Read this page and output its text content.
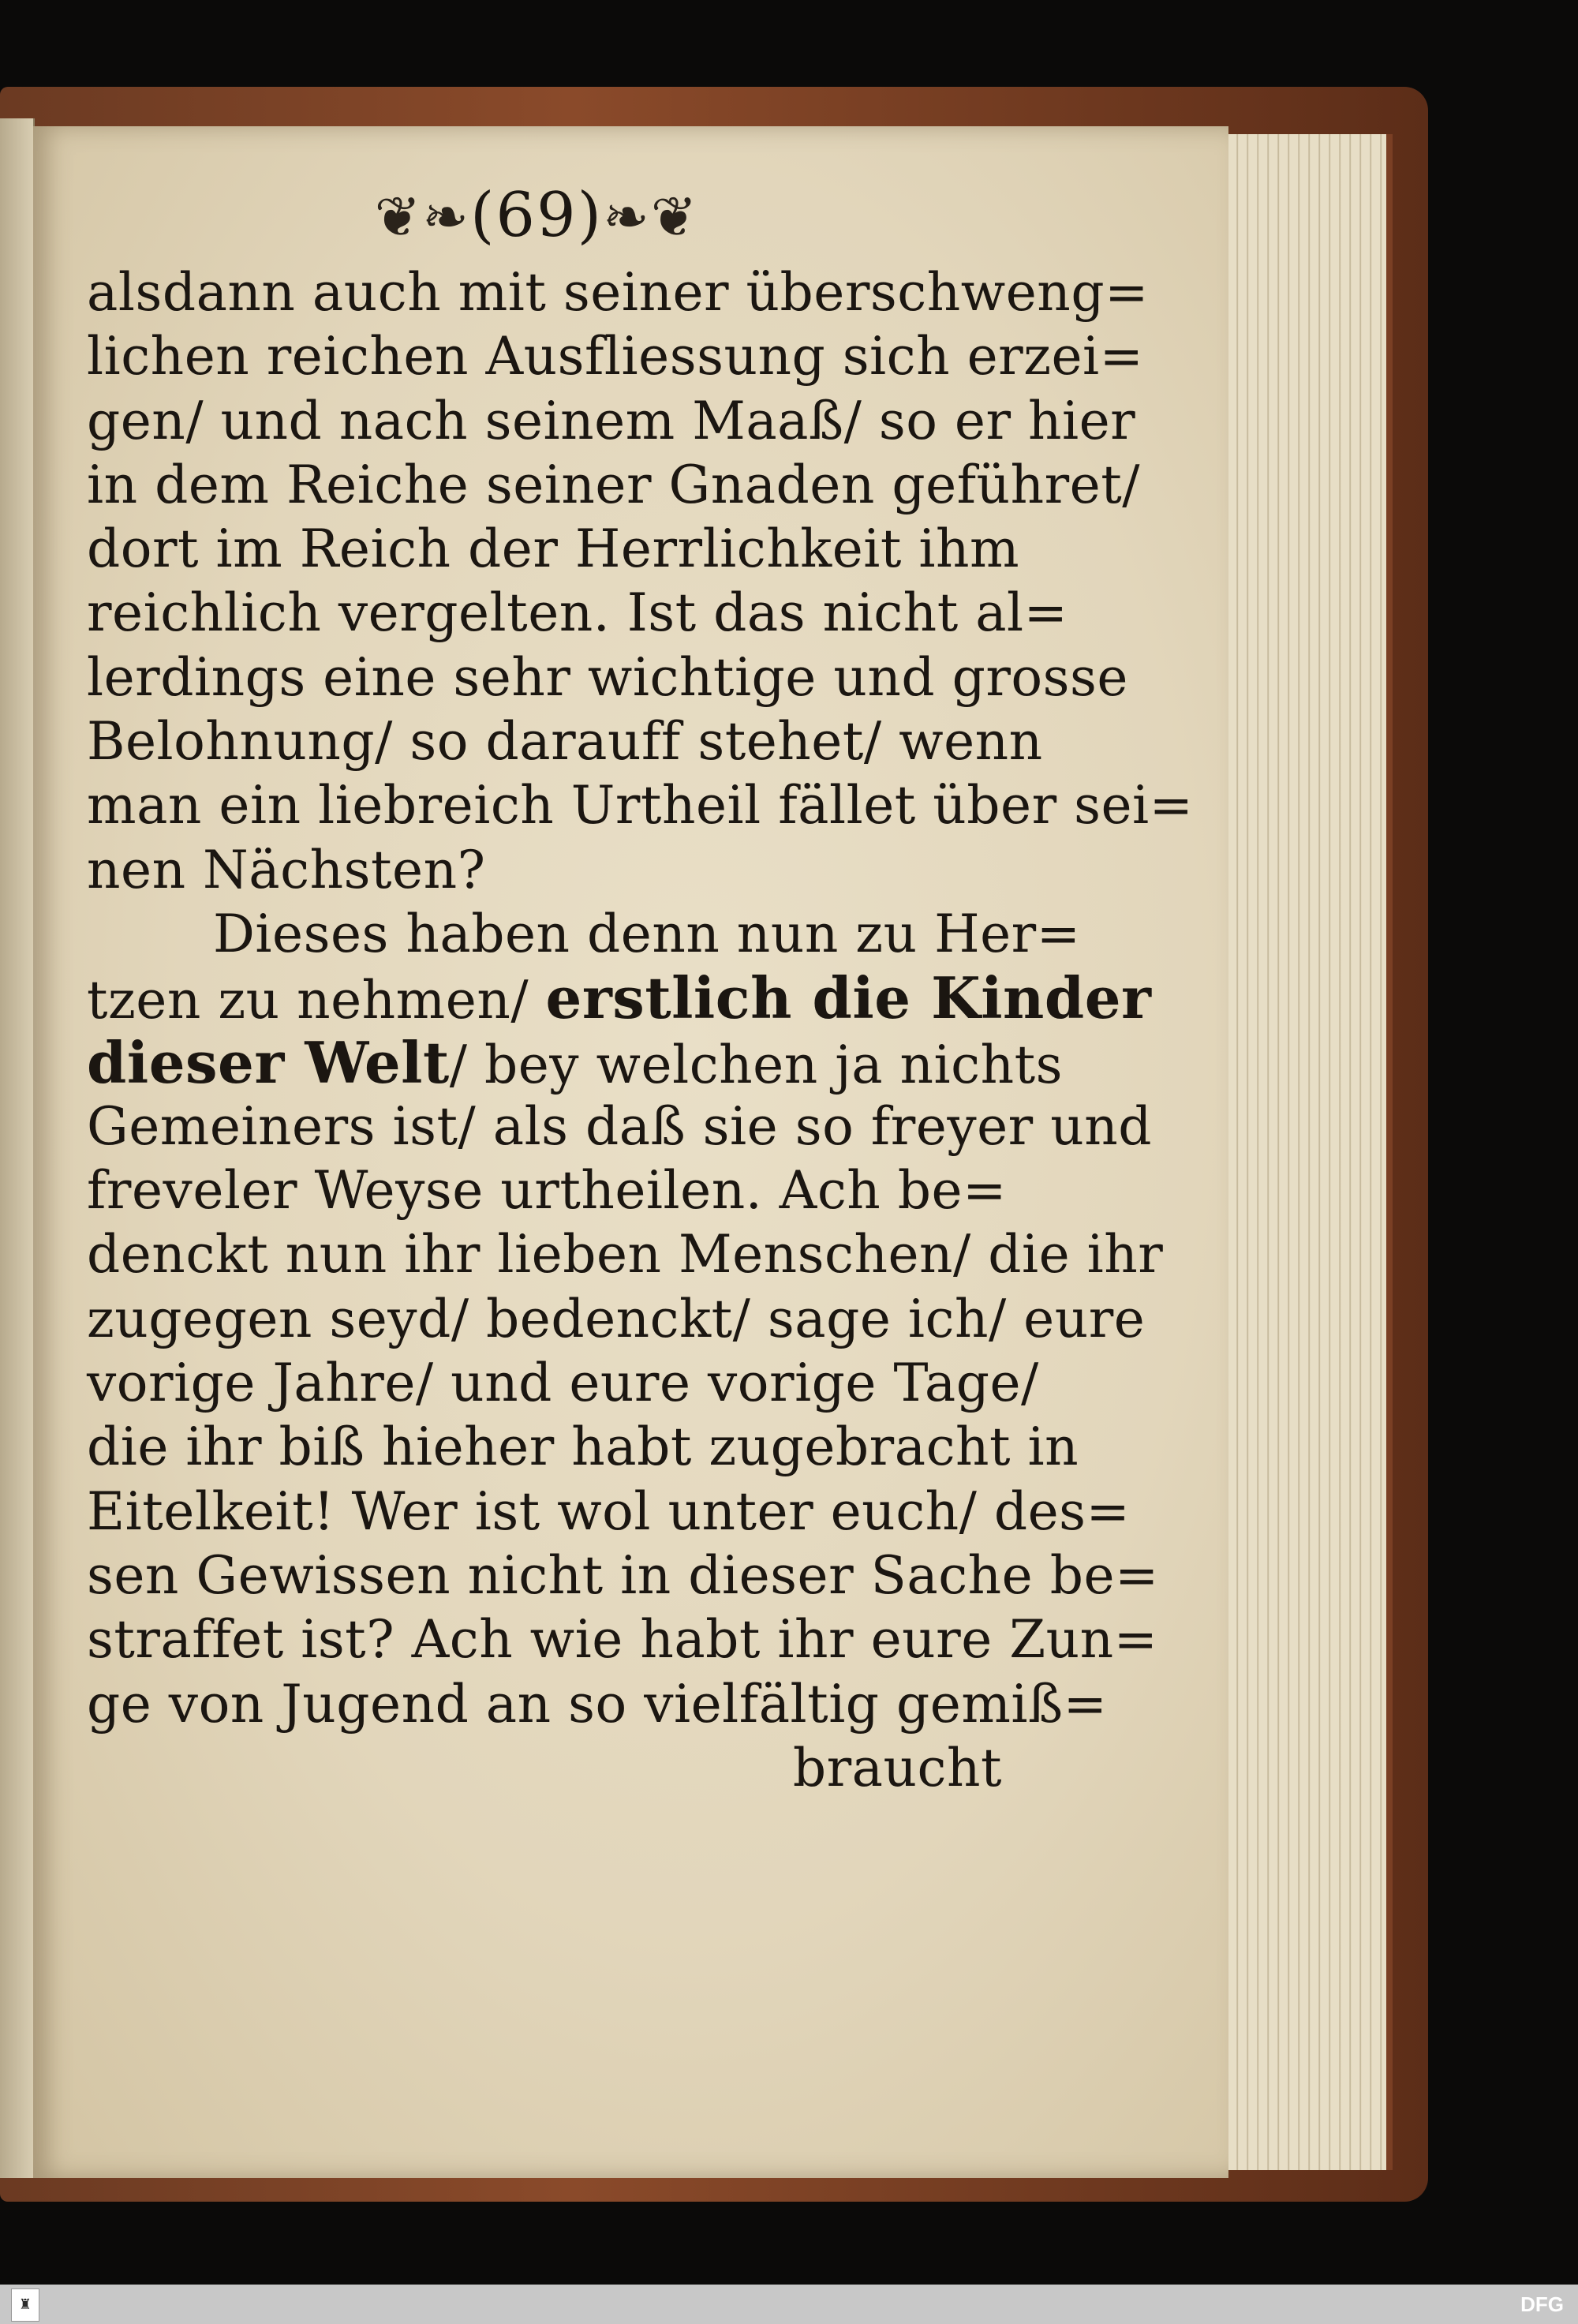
❦❧(69)❧❦
alsdann auch mit seiner überschweng=
lichen reichen Ausfliessung sich erzei=
gen/ und nach seinem Maaß/ so er hier
in dem Reiche seiner Gnaden geführet/
dort im Reich der Herrlichkeit ihm
reichlich vergelten. Ist das nicht al=
lerdings eine sehr wichtige und grosse
Belohnung/ so darauff stehet/ wenn
man ein liebreich Urtheil fället über sei=
nen Nächsten?
Dieses haben denn nun zu Her=
tzen zu nehmen/ erstlich die Kinder
dieser Welt/ bey welchen ja nichts
Gemeiners ist/ als daß sie so freyer und
freveler Weyse urtheilen. Ach be=
denckt nun ihr lieben Menschen/ die ihr
zugegen seyd/ bedenckt/ sage ich/ eure
vorige Jahre/ und eure vorige Tage/
die ihr biß hieher habt zugebracht in
Eitelkeit! Wer ist wol unter euch/ des=
sen Gewissen nicht in dieser Sache be=
straffet ist? Ach wie habt ihr eure Zun=
ge von Jugend an so vielfältig gemiß=
braucht
♜	DFG
